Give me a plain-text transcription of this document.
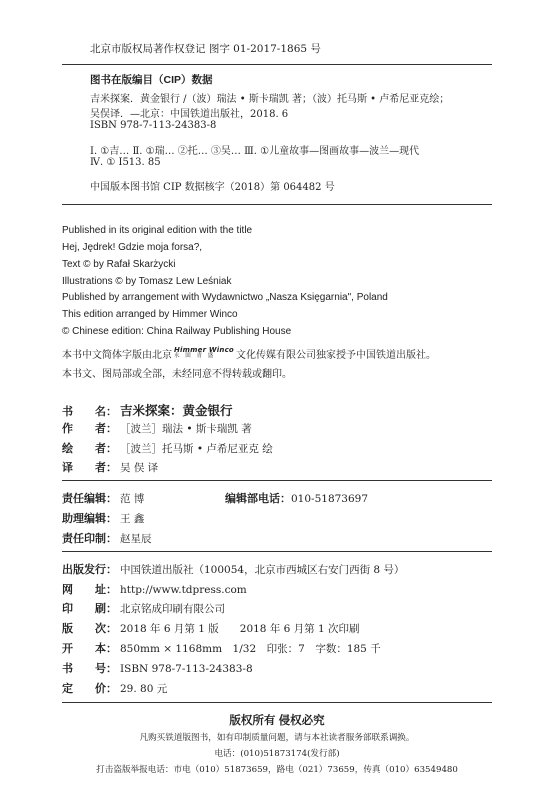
北京市版权局著作权登记 图字 01-2017-1865 号
图书在版编目（CIP）数据
吉米探案．黄金银行 /（波）瑞法 • 斯卡瑞凯 著；（波）托马斯 • 卢希尼亚克绘；
吴俣译．—北京：中国铁道出版社，2018. 6
ISBN 978-7-113-24383-8
Ⅰ. ①吉… Ⅱ. ①瑞… ②托… ③吴… Ⅲ. ①儿童故事—图画故事—波兰—现代
Ⅳ. ① I513. 85
中国版本图书馆 CIP 数据核字（2018）第 064482 号
Published in its original edition with the title
Hej, Jędrek! Gdzie moja forsa?,
Text © by Rafał Skarżycki
Illustrations © by Tomasz Lew Leśniak
Published by arrangement with Wydawnictwo „Nasza Księgarnia", Poland
This edition arranged by Himmer Winco
© Chinese edition: China Railway Publishing House
本书中文简体字版由北京 Himmer Winco
永 固 青 盛	文化传媒有限公司独家授予中国铁道出版社。
本书文、图局部或全部，未经同意不得转载或翻印。
书　　名： 吉米探案：黄金银行
作　　者： ［波兰］瑞法 • 斯卡瑞凯 著
绘　　者： ［波兰］托马斯 • 卢希尼亚克 绘
译　　者： 吴 俣 译
责任编辑： 范 博	编辑部电话：010-51873697
助理编辑： 王 鑫
责任印制： 赵星辰
出版发行： 中国铁道出版社（100054，北京市西城区右安门西街 8 号）
网　　址： http://www.tdpress.com
印　　刷： 北京铭成印刷有限公司
版　　次： 2018 年 6 月第 1 版　　2018 年 6 月第 1 次印刷
开　　本： 850mm × 1168mm　1/32　印张：7　字数：185 千
书　　号： ISBN 978-7-113-24383-8
定　　价： 29. 80 元
版权所有 侵权必究
凡购买铁道版图书，如有印制质量问题，请与本社读者服务部联系调换。
电话：(010)51873174(发行部)
打击盗版举报电话：市电（010）51873659，路电（021）73659，传真（010）63549480
